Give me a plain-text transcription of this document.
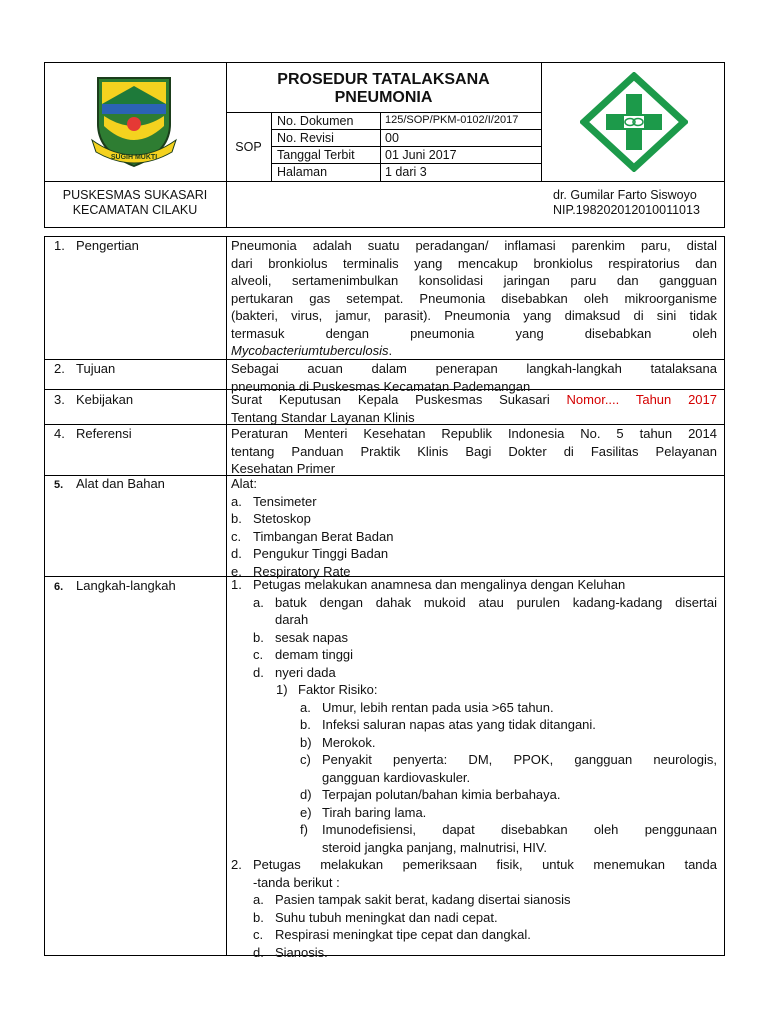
SUGIH MUKTI
PROSEDUR TATALAKSANA
PNEUMONIA
SOP
No. Dokumen	125/SOP/PKM-0102/I/2017
No. Revisi	00
Tanggal Terbit 01 Juni 2017
Halaman	1 dari 3
PUSKESMAS SUKASARI
KECAMATAN CILAKU
dr. Gumilar Farto Siswoyo
NIP.198202012010011013
1. Pengertian	Pneumonia adalah suatu peradangan/ inflamasi parenkim paru, distal
dari bronkiolus terminalis yang mencakup bronkiolus respiratorius dan
alveoli, sertamenimbulkan konsolidasi jaringan paru dan gangguan
pertukaran gas setempat. Pneumonia disebabkan oleh mikroorganisme
(bakteri, virus, jamur, parasit). Pneumonia yang dimaksud di sini tidak
termasuk dengan pneumonia yang disebabkan oleh
Mycobacteriumtuberculosis.
2. Tujuan	Sebagai acuan dalam penerapan langkah-langkah tatalaksana
pneumonia di Puskesmas Kecamatan Pademangan
3. Kebijakan	Surat Keputusan Kepala Puskesmas Sukasari Nomor.... Tahun 2017
Tentang Standar Layanan Klinis
4. Referensi	Peraturan Menteri Kesehatan Republik Indonesia No. 5 tahun 2014
tentang Panduan Praktik Klinis Bagi Dokter di Fasilitas Pelayanan
Kesehatan Primer
5. Alat dan Bahan	Alat:
a. Tensimeter
b. Stetoskop
c. Timbangan Berat Badan
d. Pengukur Tinggi Badan
e. Respiratory Rate
6. Langkah-langkah	1. Petugas melakukan anamnesa dan mengalinya dengan Keluhan
a. batuk dengan dahak mukoid atau purulen kadang-kadang disertai
darah
b. sesak napas
c. demam tinggi
d. nyeri dada
1) Faktor Risiko:
a. Umur, lebih rentan pada usia >65 tahun.
b. Infeksi saluran napas atas yang tidak ditangani.
b) Merokok.
c) Penyakit penyerta: DM, PPOK, gangguan neurologis,
gangguan kardiovaskuler.
d) Terpajan polutan/bahan kimia berbahaya.
e) Tirah baring lama.
f) Imunodefisiensi, dapat disebabkan oleh penggunaan
steroid jangka panjang, malnutrisi, HIV.
2. Petugas melakukan pemeriksaan fisik, untuk menemukan tanda
-tanda berikut :
a. Pasien tampak sakit berat, kadang disertai sianosis
b. Suhu tubuh meningkat dan nadi cepat.
c. Respirasi meningkat tipe cepat dan dangkal.
d. Sianosis.
